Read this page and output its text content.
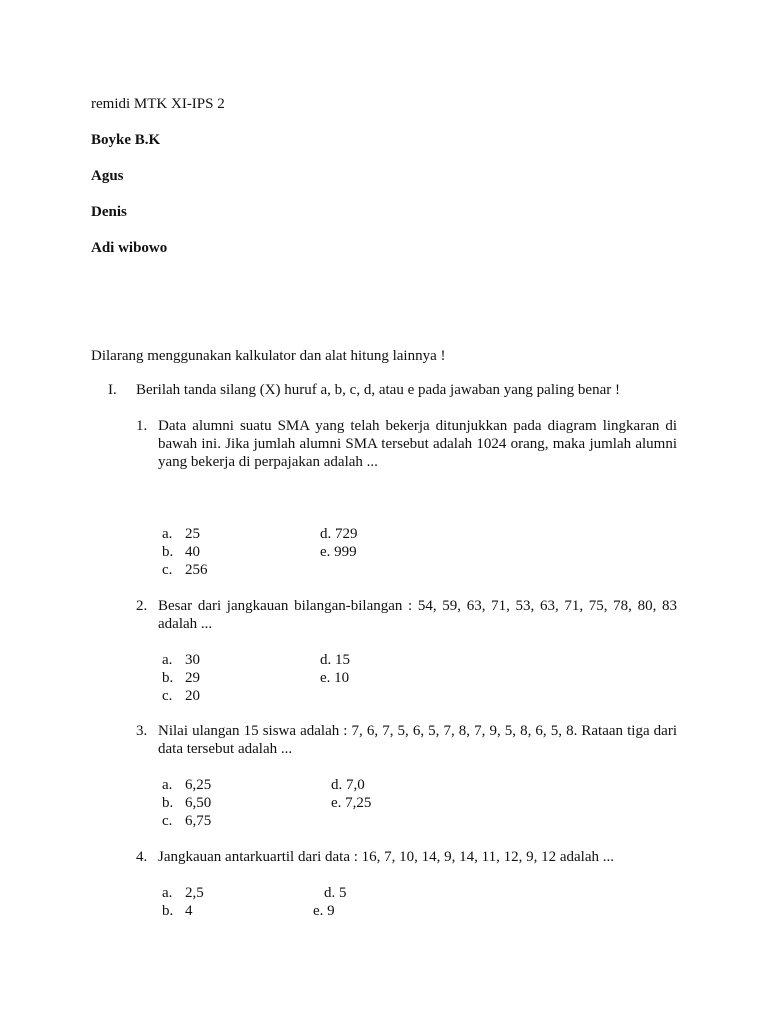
remidi MTK XI-IPS 2
Boyke B.K
Agus
Denis
Adi wibowo
Dilarang menggunakan kalkulator dan alat hitung lainnya !
I. Berilah tanda silang (X) huruf a, b, c, d, atau e pada jawaban yang paling benar !
1. Data alumni suatu SMA yang telah bekerja ditunjukkan pada diagram lingkaran di bawah ini. Jika jumlah alumni SMA tersebut adalah 1024 orang, maka jumlah alumni yang bekerja di perpajakan adalah ...
a. 25	d. 729
b. 40	e. 999
c. 256
2. Besar dari jangkauan bilangan-bilangan : 54, 59, 63, 71, 53, 63, 71, 75, 78, 80, 83 adalah ...
a. 30	d. 15
b. 29	e. 10
c. 20
3. Nilai ulangan 15 siswa adalah : 7, 6, 7, 5, 6, 5, 7, 8, 7, 9, 5, 8, 6, 5, 8. Rataan tiga dari data tersebut adalah ...
a. 6,25	d. 7,0
b. 6,50	e. 7,25
c. 6,75
4. Jangkauan antarkuartil dari data : 16, 7, 10, 14, 9, 14, 11, 12, 9, 12 adalah ...
a. 2,5	d. 5
b. 4	e. 9
